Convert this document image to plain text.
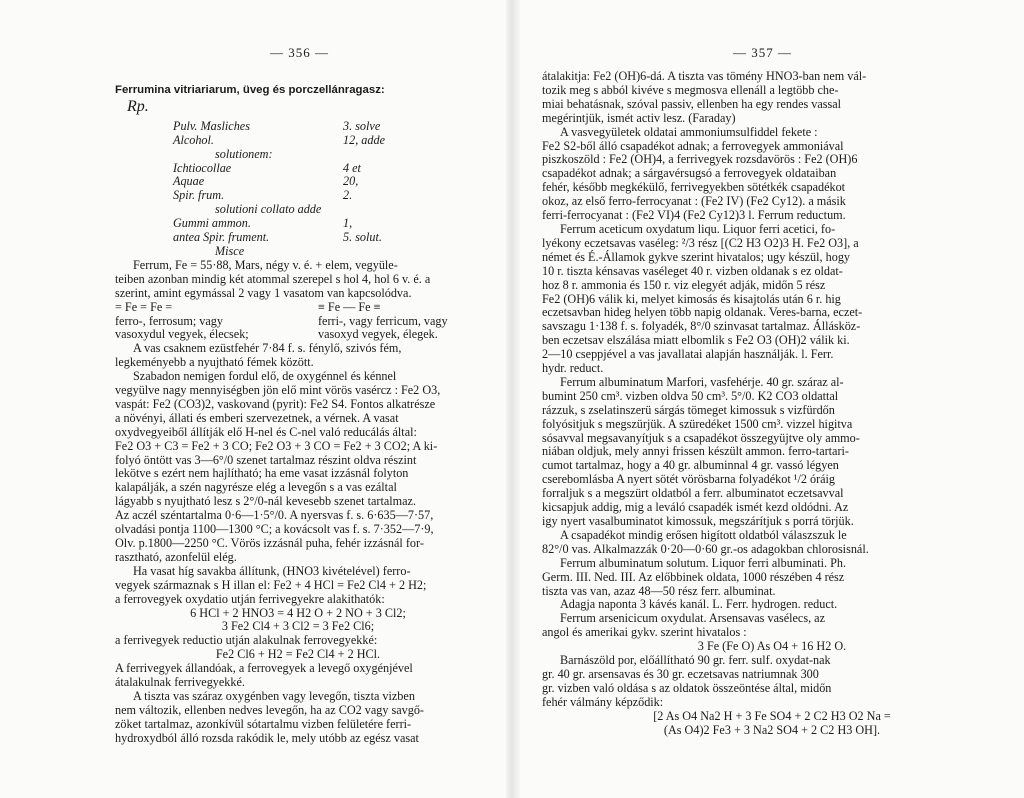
— 356 —

Ferrumina vitriariarum, üveg és porczellánragasz:

Rp.

Pulv. Masliches	3. solve

Alcohol.	12, adde

solutionem:

Ichtiocollae	4 et

Aquae	20,

Spir. frum.	2.

solutioni collato adde

Gummi ammon.	1,

antea Spir. frument.	5. solut.

Misce

Ferrum, Fe = 55·88, Mars, négy v. é. + elem, vegyüle-

teiben azonban mindig két atommal szerepel s hol 4, hol 6 v. é. a

szerint, amint egymással 2 vagy 1 vasatom van kapcsolódva.

= Fe = Fe =	≡ Fe — Fe ≡

ferro-, ferrosum; vagy	ferri-, vagy ferricum, vagy

vasoxydul vegyek, élecsek;	vasoxyd vegyek, élegek.

A vas csaknem ezüstfehér 7·84 f. s. fénylő, szivós fém,

legkeményebb a nyujtható fémek között.

Szabadon nemigen fordul elő, de oxygénnel és kénnel

vegyülve nagy mennyiségben jön elő mint vörös vasércz : Fe2 O3,

vaspát: Fe2 (CO3)2, vaskovand (pyrit): Fe2 S4. Fontos alkatrésze

a növényi, állati és emberi szervezetnek, a vérnek. A vasat

oxydvegyeiből állítják elő H-nel és C-nel való reducálás által:

Fe2 O3 + C3 = Fe2 + 3 CO; Fe2 O3 + 3 CO = Fe2 + 3 CO2; A ki-

folyó öntött vas 3—6°/0 szenet tartalmaz részint oldva részint

lekötve s ezért nem hajlítható; ha eme vasat izzásnál folyton

kalapálják, a szén nagyrésze elég a levegőn s a vas ezáltal

lágyabb s nyujtható lesz s 2°/0-nál kevesebb szenet tartalmaz.

Az aczél széntartalma 0·6—1·5°/0. A nyersvas f. s. 6·635—7·57,

olvadási pontja 1100—1300 °C; a kovácsolt vas f. s. 7·352—7·9,

Olv. p.1800—2250 °C. Vörös izzásnál puha, fehér izzásnál for-

rasztható, azonfelül elég.

Ha vasat híg savakba állítunk, (HNO3 kivételével) ferro-

vegyek származnak s H illan el: Fe2 + 4 HCl = Fe2 Cl4 + 2 H2;

a ferrovegyek oxydatio utján ferrivegyekre alakithatók:

6 HCl + 2 HNO3 = 4 H2 O + 2 NO + 3 Cl2;

3 Fe2 Cl4 + 3 Cl2 = 3 Fe2 Cl6;

a ferrivegyek reductio utján alakulnak ferrovegyekké:

Fe2 Cl6 + H2 = Fe2 Cl4 + 2 HCl.

A ferrivegyek állandóak, a ferrovegyek a levegő oxygénjével

átalakulnak ferrivegyekké.

A tiszta vas száraz oxygénben vagy levegőn, tiszta vizben

nem változik, ellenben nedves levegőn, ha az CO2 vagy savgő-

zöket tartalmaz, azonkívül sótartalmu vizben felületére ferri-

hydroxydból álló rozsda rakódik le, mely utóbb az egész vasat

— 357 —

átalakitja: Fe2 (OH)6-dá. A tiszta vas töménу HNO3-ban nem vál-

tozik meg s abból kivéve s megmosva ellenáll a legtöbb che-

miai behatásnak, szóval passiv, ellenben ha egy rendes vassal

megérintjük, ismét activ lesz. (Faraday)

A vasvegyületek oldatai ammoniumsulfiddel fekete :

Fe2 S2-ből álló csapadékot adnak; a ferrovegyek ammoniával

piszkoszöld : Fe2 (OH)4, a ferrivegyek rozsdavörös : Fe2 (OH)6

csapadékot adnak; a sárgavérsugsó a ferrovegyek oldataiban

fehér, később megkékülő, ferrivegyekben sötétkék csapadékot

okoz, az első ferro-ferrocyanat : (Fe2 IV) (Fe2 Cy12). a másik

ferri-ferrocyanat : (Fe2 VI)4 (Fe2 Cy12)3 l. Ferrum reductum.

Ferrum aceticum oxydatum liqu. Liquor ferri acetici, fo-

lyékony eczetsavas vaséleg: ²/3 rész [(C2 H3 O2)3 H. Fe2 O3], a

német és É.-Államok gykve szerint hivatalos; ugy készül, hogy

10 r. tiszta kénsavas vaséleget 40 r. vizben oldanak s ez oldat-

hoz 8 r. ammonia és 150 r. viz elegyét adják, midőn 5 rész

Fe2 (OH)6 válik ki, melyet kimosás és kisajtolás után 6 r. hig

eczetsavban hideg helyen több napig oldanak. Veres-barna, eczet-

savszagu 1·138 f. s. folyadék, 8°/0 szinvasat tartalmaz. Állásköz-

ben eczetsav elszálása miatt elbomlik s Fe2 O3 (OH)2 válik ki.

2—10 cseppjével a vas javallatai alapján használják. l. Ferr.

hydr. reduct.

Ferrum albuminatum Marfori, vasfehérje. 40 gr. száraz al-

bumint 250 cm³. vizben oldva 50 cm³. 5°/0. K2 CO3 oldattal

rázzuk, s zselatinszerü sárgás tömeget kimossuk s vizfürdőn

folyósitjuk s megszürjük. A szüredéket 1500 cm³. vizzel higitva

sósavval megsavanyítjuk s a csapadékot összegyüjtve oly ammo-

niában oldjuk, mely annyi frissen készült ammon. ferro-tartari-

cumot tartalmaz, hogy a 40 gr. albuminnal 4 gr. vassó légyen

cserebomlásba A nyert sötét vörösbarna folyadékot ¹/2 óráig

forraljuk s a megszürt oldatból a ferr. albuminatot eczetsavval

kicsapjuk addig, mig a leváló csapadék ismét kezd oldódni. Az

igy nyert vasalbuminatot kimossuk, megszárítjuk s porrá törjük.

A csapadékot mindig erősen higított oldatból válaszszuk le

82°/0 vas. Alkalmazzák 0·20—0·60 gr.-os adagokban chlorosisnál.

Ferrum albuminatum solutum. Liquor ferri albuminati. Ph.

Germ. III. Ned. III. Az előbbinek oldata, 1000 részében 4 rész

tiszta vas van, azaz 48—50 rész ferr. albuminat.

Adagja naponta 3 kávés kanál. L. Ferr. hydrogen. reduct.

Ferrum arsenicicum oxydulat. Arsensavas vaséleсs, az

angol és amerikai gykv. szerint hivatalos :

3 Fe (Fe O) As O4 + 16 H2 O.

Barnászöld por, előállítható 90 gr. ferr. sulf. oxydat-nak

gr. 40 gr. arsensavas és 30 gr. eczetsavas natriumnak 300

gr. vizben való oldása s az oldatok összeöntése által, midőn

fehér válmány képződik:

[2 As O4 Na2 H + 3 Fe SO4 + 2 C2 H3 O2 Na =

(As O4)2 Fe3 + 3 Na2 SO4 + 2 C2 H3 OH].
